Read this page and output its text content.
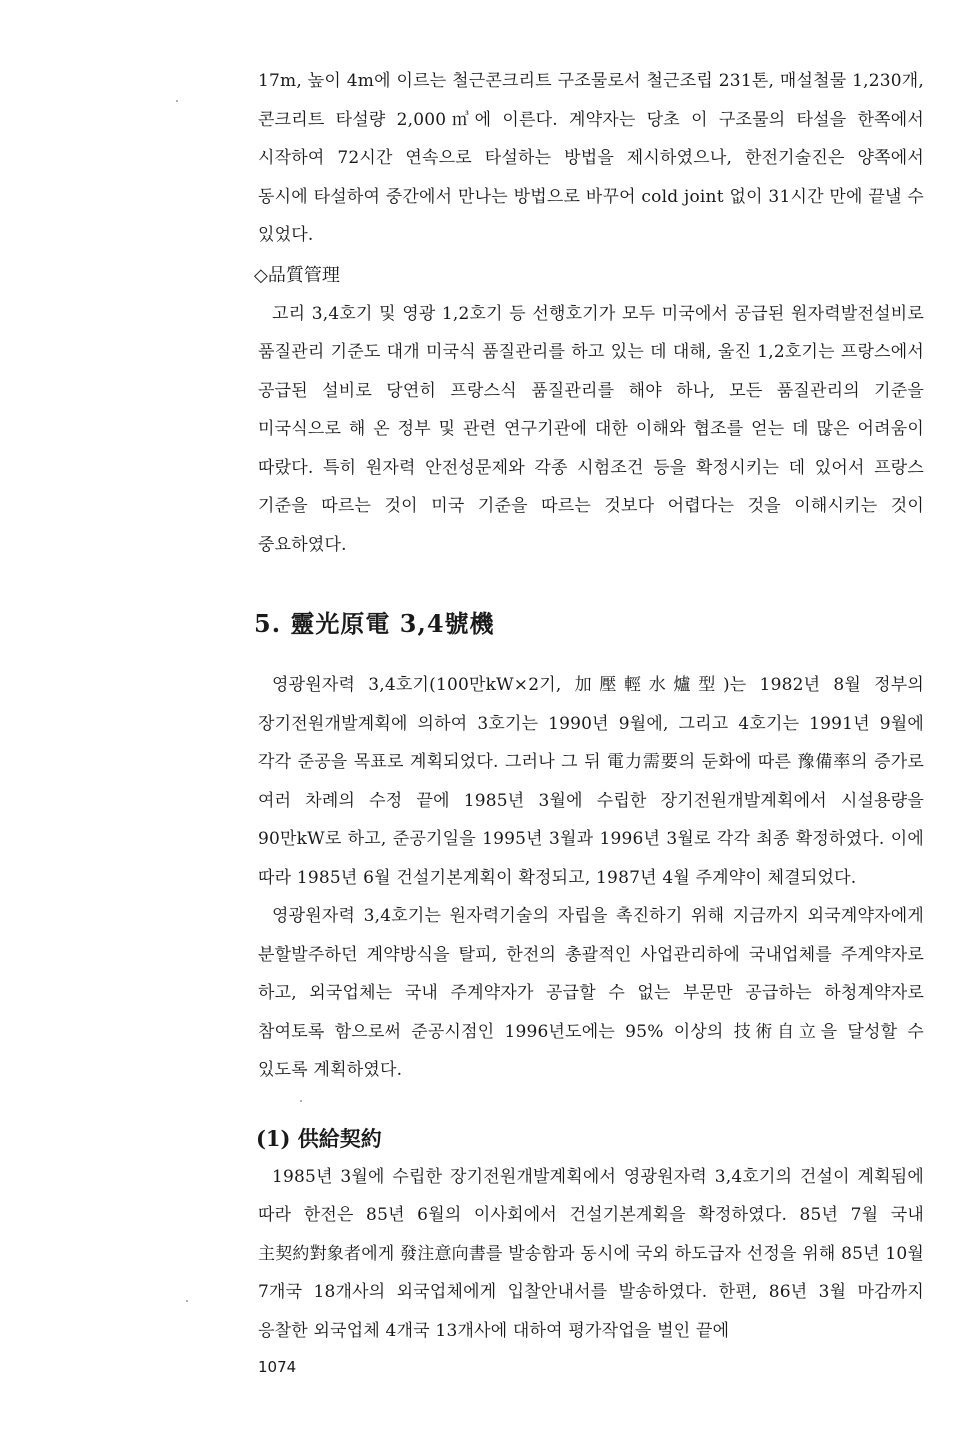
17m, 높이 4m에 이르는 철근콘크리트 구조물로서 철근조립 231톤, 매설철물 1,230개, 콘크리트 타설량 2,000㎥에 이른다. 계약자는 당초 이 구조물의 타설을 한쪽에서 시작하여 72시간 연속으로 타설하는 방법을 제시하였으나, 한전기술진은 양쪽에서 동시에 타설하여 중간에서 만나는 방법으로 바꾸어 cold joint 없이 31시간 만에 끝낼 수 있었다.

◇品質管理

고리 3,4호기 및 영광 1,2호기 등 선행호기가 모두 미국에서 공급된 원자력발전설비로 품질관리 기준도 대개 미국식 품질관리를 하고 있는 데 대해, 울진 1,2호기는 프랑스에서 공급된 설비로 당연히 프랑스식 품질관리를 해야 하나, 모든 품질관리의 기준을 미국식으로 해 온 정부 및 관련 연구기관에 대한 이해와 협조를 얻는 데 많은 어려움이 따랐다. 특히 원자력 안전성문제와 각종 시험조건 등을 확정시키는 데 있어서 프랑스 기준을 따르는 것이 미국 기준을 따르는 것보다 어렵다는 것을 이해시키는 것이 중요하였다.

5. 靈光原電 3,4號機

영광원자력 3,4호기(100만kW×2기, 加壓輕水爐型)는 1982년 8월 정부의 장기전원개발계획에 의하여 3호기는 1990년 9월에, 그리고 4호기는 1991년 9월에 각각 준공을 목표로 계획되었다. 그러나 그 뒤 電力需要의 둔화에 따른 豫備率의 증가로 여러 차례의 수정 끝에 1985년 3월에 수립한 장기전원개발계획에서 시설용량을 90만kW로 하고, 준공기일을 1995년 3월과 1996년 3월로 각각 최종 확정하였다. 이에 따라 1985년 6월 건설기본계획이 확정되고, 1987년 4월 주계약이 체결되었다.

영광원자력 3,4호기는 원자력기술의 자립을 촉진하기 위해 지금까지 외국계약자에게 분할발주하던 계약방식을 탈피, 한전의 총괄적인 사업관리하에 국내업체를 주계약자로 하고, 외국업체는 국내 주계약자가 공급할 수 없는 부문만 공급하는 하청계약자로 참여토록 함으로써 준공시점인 1996년도에는 95% 이상의 技術自立을 달성할 수 있도록 계획하였다.

(1) 供給契約

1985년 3월에 수립한 장기전원개발계획에서 영광원자력 3,4호기의 건설이 계획됨에 따라 한전은 85년 6월의 이사회에서 건설기본계획을 확정하였다. 85년 7월 국내 主契約對象者에게 發注意向書를 발송함과 동시에 국외 하도급자 선정을 위해 85년 10월 7개국 18개사의 외국업체에게 입찰안내서를 발송하였다. 한편, 86년 3월 마감까지 응찰한 외국업체 4개국 13개사에 대하여 평가작업을 벌인 끝에

1074
